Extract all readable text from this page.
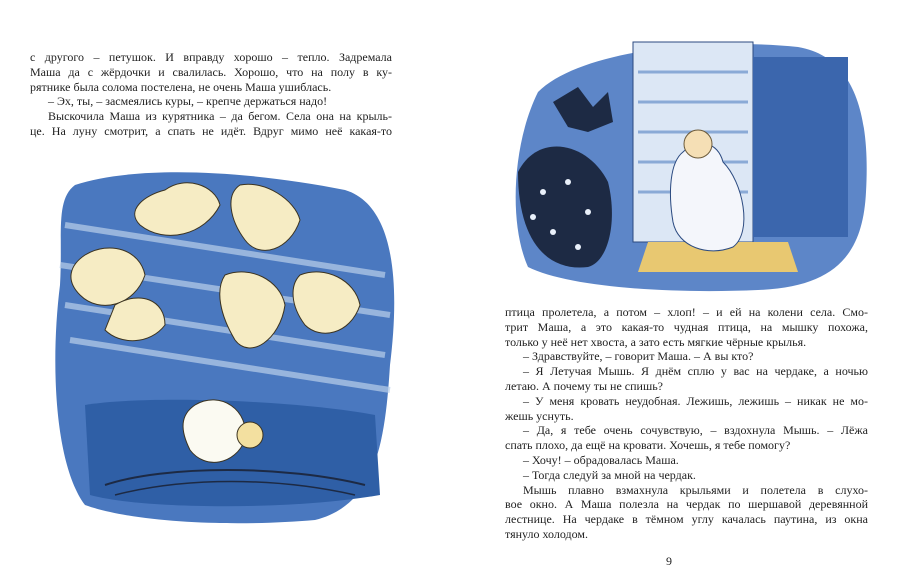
с другого – петушок. И вправду хорошо – тепло. Задремала
Маша да с жёрдочки и свалилась. Хорошо, что на полу в ку-
рятнике была солома постелена, не очень Маша ушиблась.
– Эх, ты, – засмеялись куры, – крепче держаться надо!
Выскочила Маша из курятника – да бегом. Села она на крыль-
це. На луну смотрит, а спать не идёт. Вдруг мимо неё какая-то
птица пролетела, а потом – хлоп! – и ей на колени села. Смо-
трит Маша, а это какая-то чудная птица, на мышку похожа,
только у неё нет хвоста, а зато есть мягкие чёрные крылья.
– Здравствуйте, – говорит Маша. – А вы кто?
– Я Летучая Мышь. Я днём сплю у вас на чердаке, а ночью
летаю. А почему ты не спишь?
– У меня кровать неудобная. Лежишь, лежишь – никак не мо-
жешь уснуть.
– Да, я тебе очень сочувствую, – вздохнула Мышь. – Лёжа
спать плохо, да ещё на кровати. Хочешь, я тебе помогу?
– Хочу! – обрадовалась Маша.
– Тогда следуй за мной на чердак.
Мышь плавно взмахнула крыльями и полетела в слухо-
вое окно. А Маша полезла на чердак по шершавой деревянной
лестнице. На чердаке в тёмном углу качалась паутина, из окна
тянуло холодом.
9
